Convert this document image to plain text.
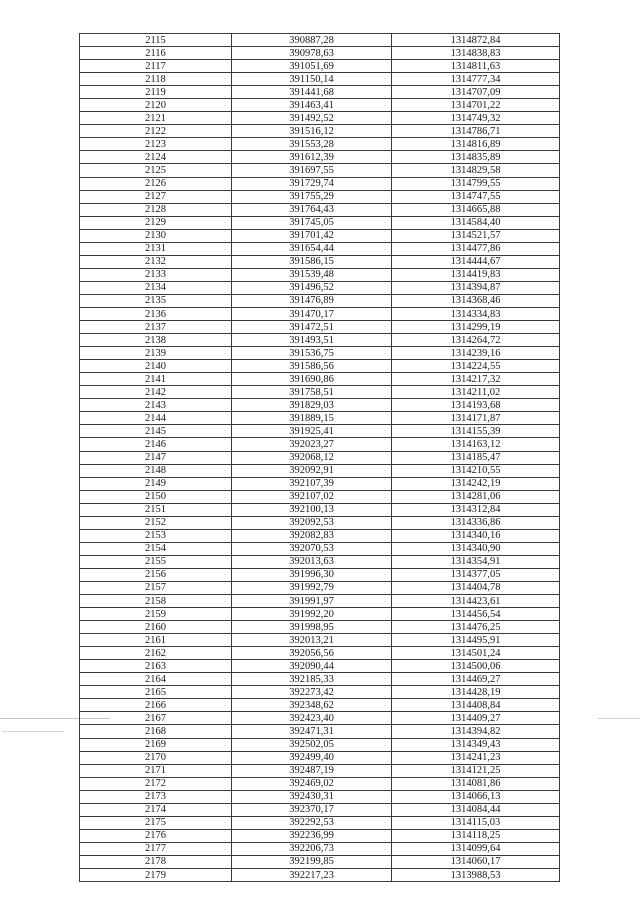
2115	390887,28	1314872,84
2116	390978,63	1314838,83
2117	391051,69	1314811,63
2118	391150,14	1314777,34
2119	391441,68	1314707,09
2120	391463,41	1314701,22
2121	391492,52	1314749,32
2122	391516,12	1314786,71
2123	391553,28	1314816,89
2124	391612,39	1314835,89
2125	391697,55	1314829,58
2126	391729,74	1314799,55
2127	391755,29	1314747,55
2128	391764,43	1314665,88
2129	391745,05	1314584,40
2130	391701,42	1314521,57
2131	391654,44	1314477,86
2132	391586,15	1314444,67
2133	391539,48	1314419,83
2134	391496,52	1314394,87
2135	391476,89	1314368,46
2136	391470,17	1314334,83
2137	391472,51	1314299,19
2138	391493,51	1314264,72
2139	391536,75	1314239,16
2140	391586,56	1314224,55
2141	391690,86	1314217,32
2142	391758,51	1314211,02
2143	391829,03	1314193,68
2144	391889,15	1314171,87
2145	391925,41	1314155,39
2146	392023,27	1314163,12
2147	392068,12	1314185,47
2148	392092,91	1314210,55
2149	392107,39	1314242,19
2150	392107,02	1314281,06
2151	392100,13	1314312,84
2152	392092,53	1314336,86
2153	392082,83	1314340,16
2154	392070,53	1314340,90
2155	392013,63	1314354,91
2156	391996,30	1314377,05
2157	391992,79	1314404,78
2158	391991,97	1314423,61
2159	391992,20	1314456,54
2160	391998,95	1314476,25
2161	392013,21	1314495,91
2162	392056,56	1314501,24
2163	392090,44	1314500,06
2164	392185,33	1314469,27
2165	392273,42	1314428,19
2166	392348,62	1314408,84
2167	392423,40	1314409,27
2168	392471,31	1314394,82
2169	392502,05	1314349,43
2170	392499,40	1314241,23
2171	392487,19	1314121,25
2172	392469,02	1314081,86
2173	392430,31	1314066,13
2174	392370,17	1314084,44
2175	392292,53	1314115,03
2176	392236,99	1314118,25
2177	392206,73	1314099,64
2178	392199,85	1314060,17
2179	392217,23	1313988,53
